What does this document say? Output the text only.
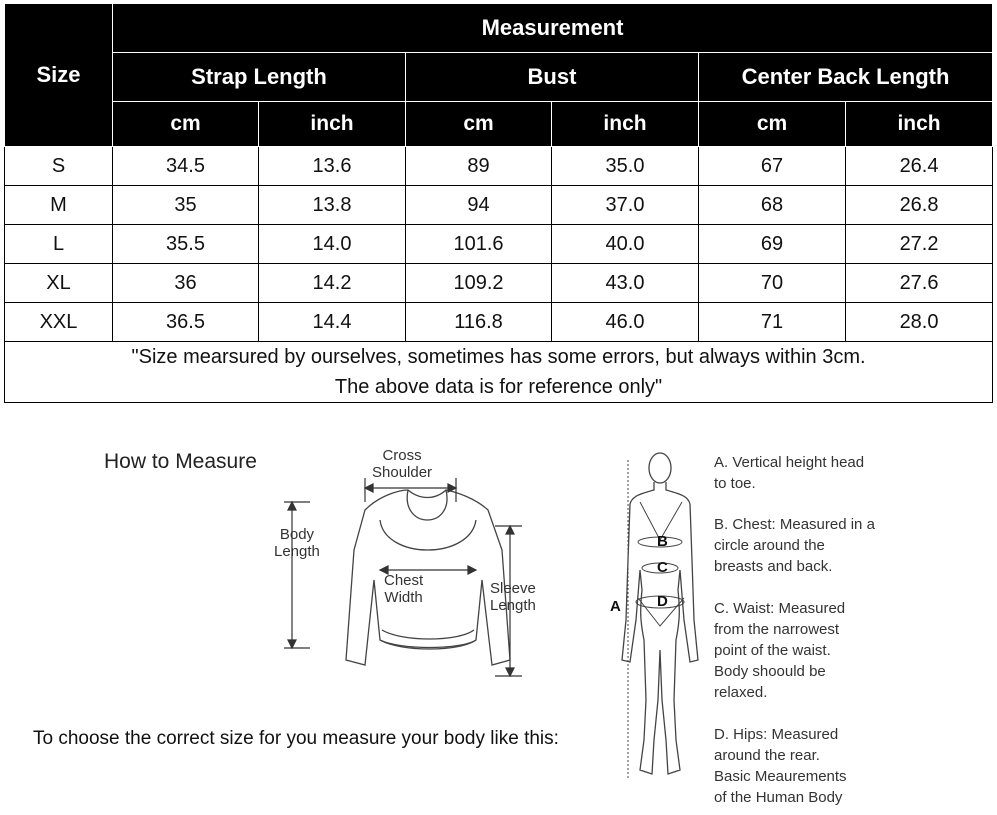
Size	Measurement					
	Strap Length		Bust		Center Back Length	
	cm	inch	cm	inch	cm	inch
S	34.5	13.6	89	35.0	67	26.4
M	35	13.8	94	37.0	68	26.8
L	35.5	14.0	101.6	40.0	69	27.2
XL	36	14.2	109.2	43.0	70	27.6
XXL	36.5	14.4	116.8	46.0	71	28.0

"Size mearsured by ourselves, sometimes has some errors, but always within 3cm.
The above data is for reference only"						
How to Measure	Cross
Shoulder
Body
Length
Chest
Width
Sleeve
Length
To choose the correct size for you measure your body like this:
A
B
C
D
A. Vertical height head
to toe.
B. Chest: Measured in a
circle around the
breasts and back.
C. Waist: Measured
from the narrowest
point of the waist.
Body shoould be
relaxed.
D. Hips: Measured
around the rear.
Basic Meaurements
of the Human Body
